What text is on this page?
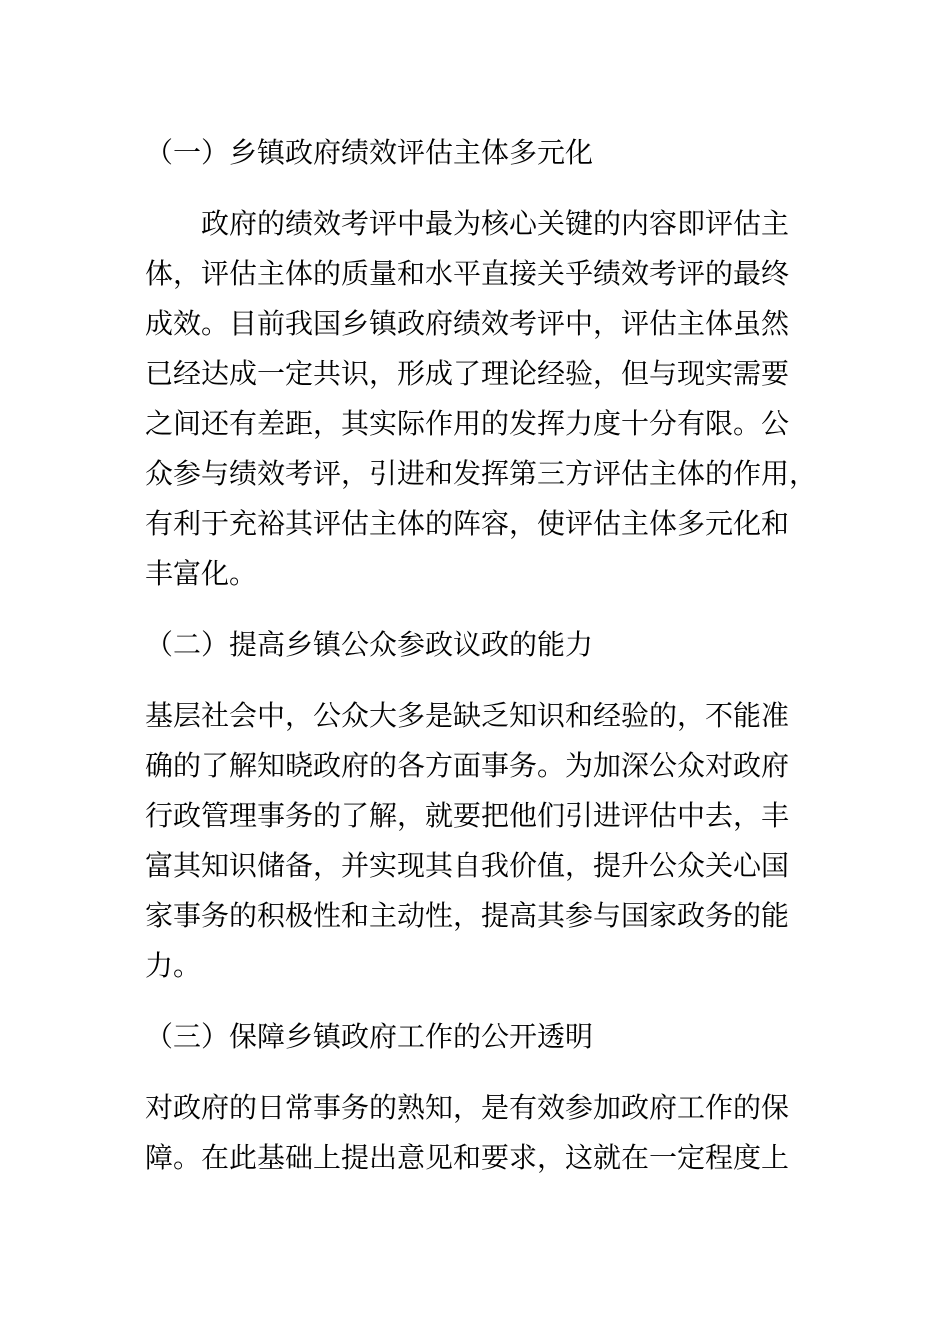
（一）乡镇政府绩效评估主体多元化

政府的绩效考评中最为核心关键的内容即评估主
体，评估主体的质量和水平直接关乎绩效考评的最终
成效。目前我国乡镇政府绩效考评中，评估主体虽然
已经达成一定共识，形成了理论经验，但与现实需要
之间还有差距，其实际作用的发挥力度十分有限。公
众参与绩效考评，引进和发挥第三方评估主体的作用，
有利于充裕其评估主体的阵容，使评估主体多元化和
丰富化。

（二）提高乡镇公众参政议政的能力

基层社会中，公众大多是缺乏知识和经验的，不能准
确的了解知晓政府的各方面事务。为加深公众对政府
行政管理事务的了解，就要把他们引进评估中去，丰
富其知识储备，并实现其自我价值，提升公众关心国
家事务的积极性和主动性，提高其参与国家政务的能
力。

（三）保障乡镇政府工作的公开透明

对政府的日常事务的熟知，是有效参加政府工作的保
障。在此基础上提出意见和要求，这就在一定程度上
